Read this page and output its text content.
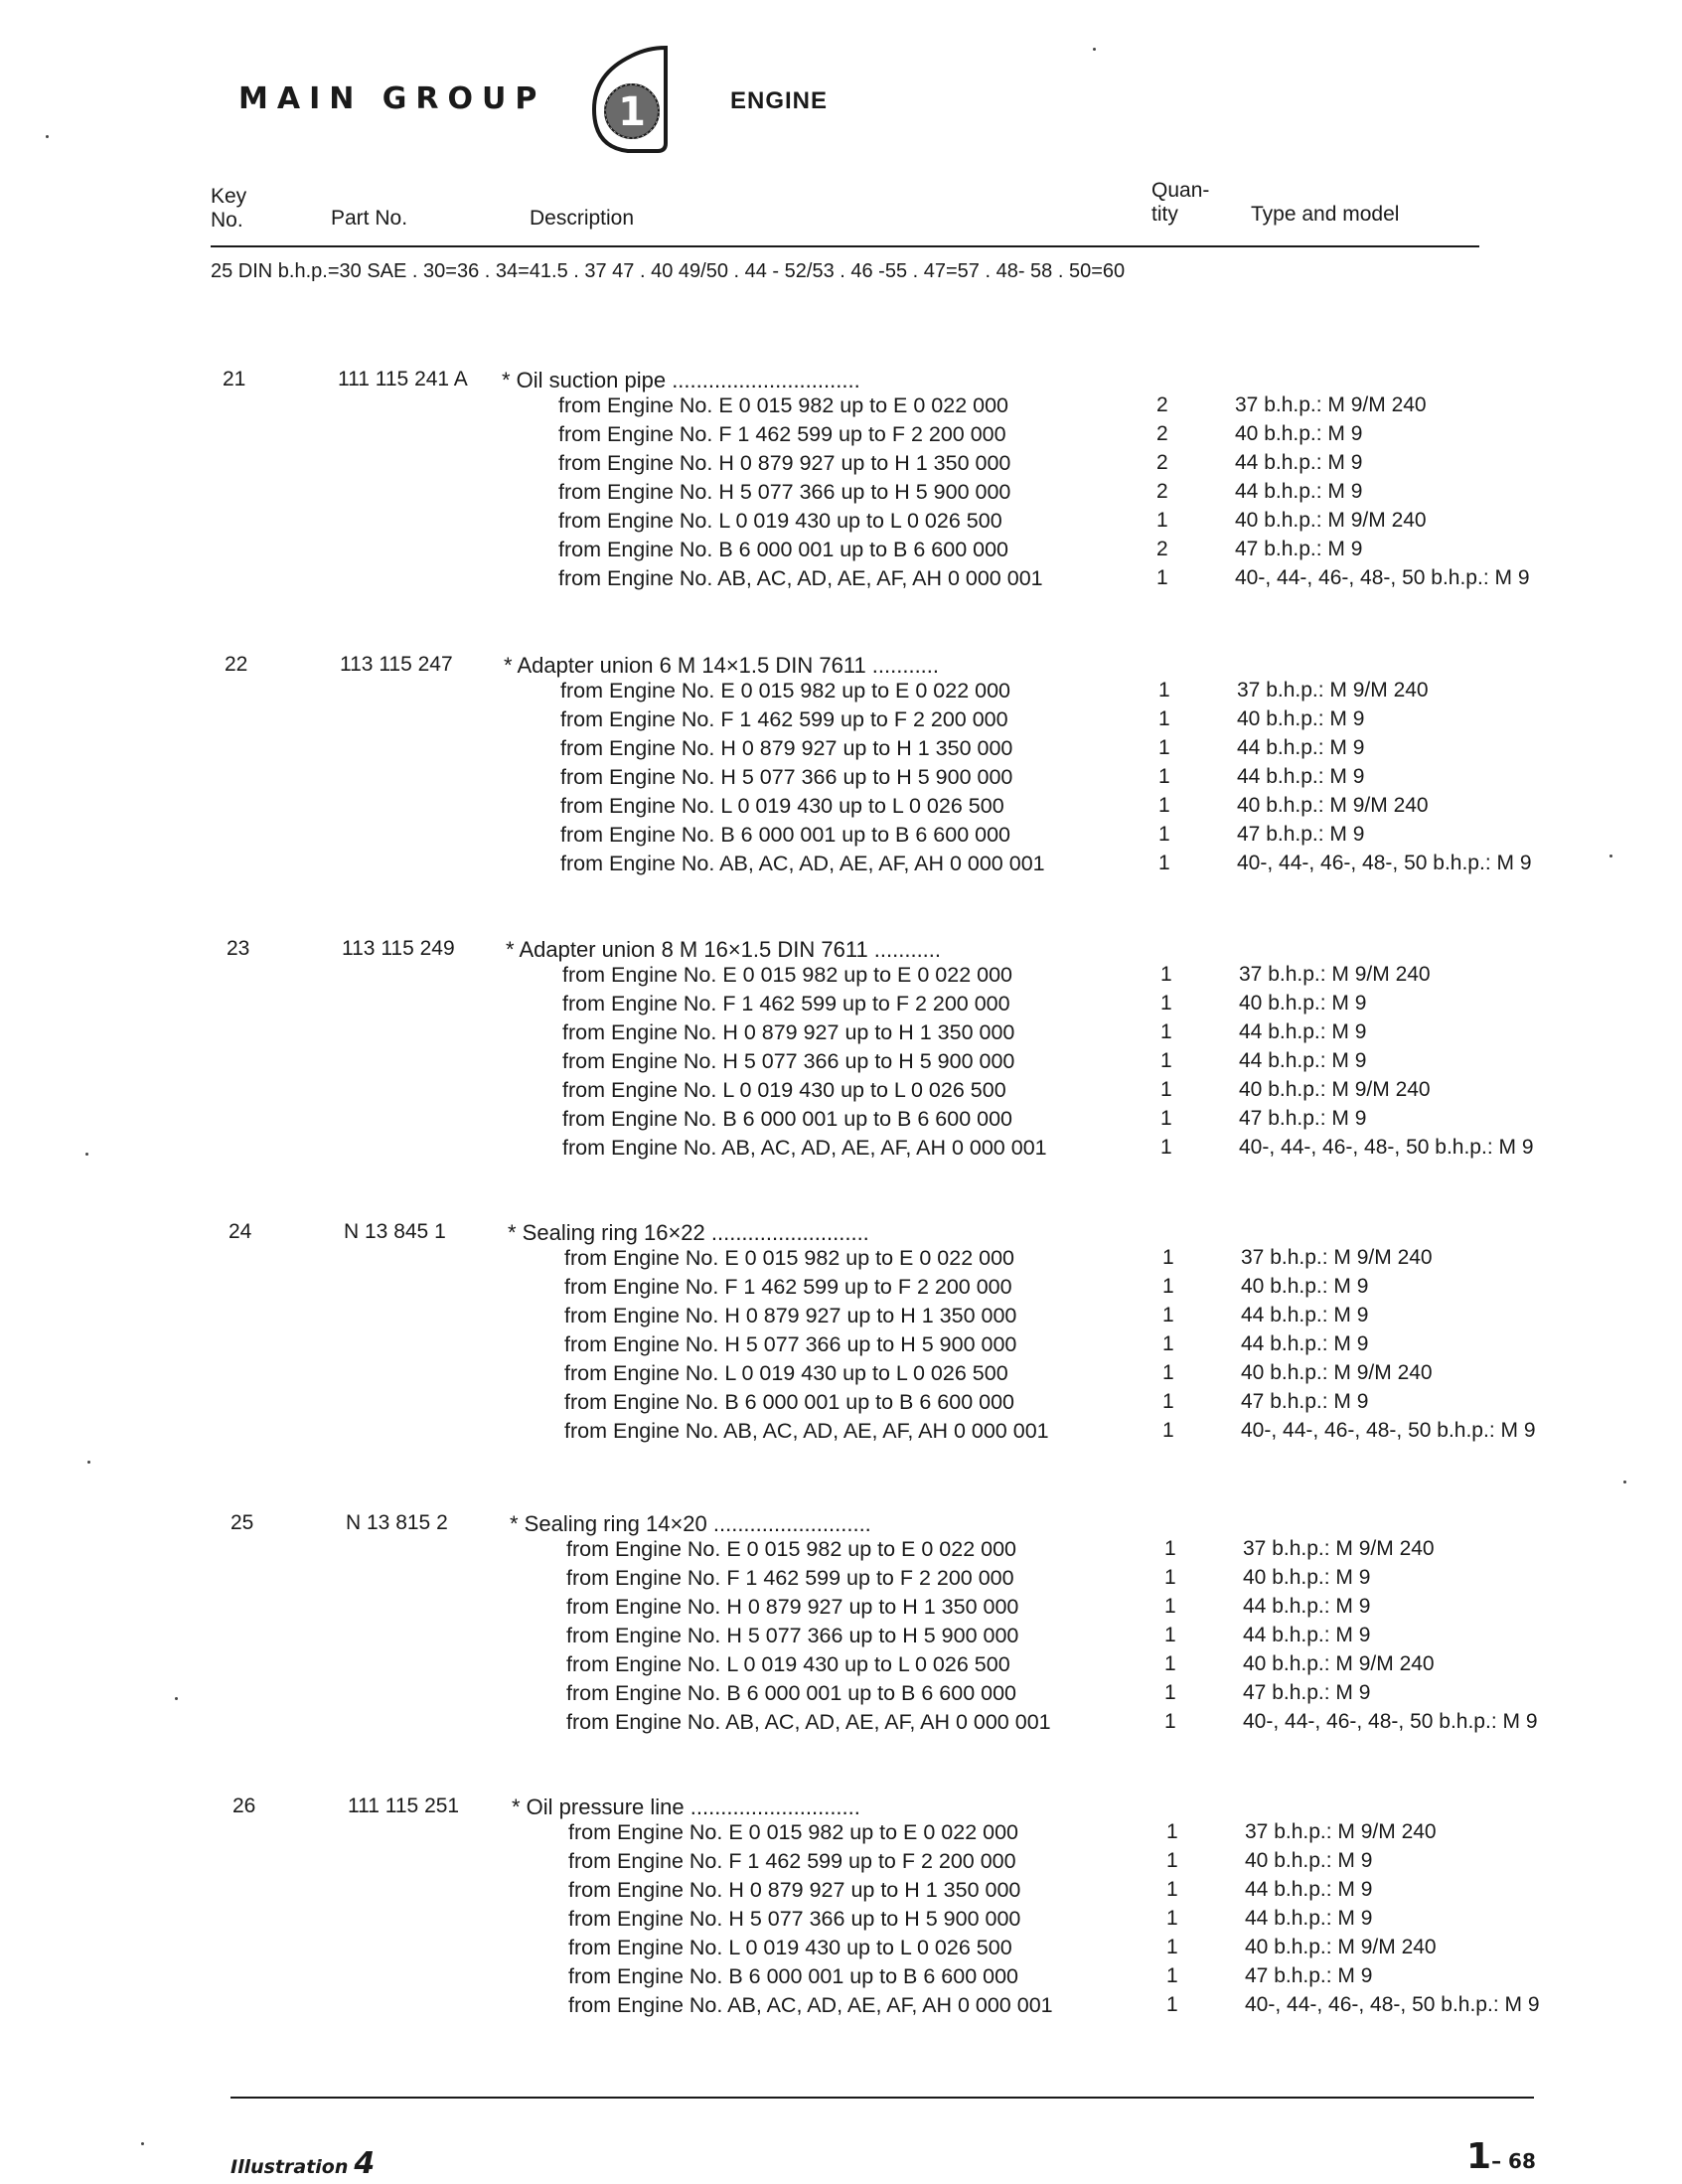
MAIN GROUP 1	ENGINE
Key No.	Part No.	Description
Quan- tity	Type and model
25 DIN b.h.p.=30 SAE . 30=36 . 34=41.5 . 37 47 . 40 49/50 . 44 - 52/53 . 46 -55 . 47=57 . 48- 58 . 50=60
21	111 115 241 A * Oil suction pipe ...............................
from Engine No. E 0 015 982 up to E 0 022 000	2	37 b.h.p.: M 9/M 240
from Engine No. F 1 462 599 up to F 2 200 000	2	40 b.h.p.: M 9
from Engine No. H 0 879 927 up to H 1 350 000	2	44 b.h.p.: M 9
from Engine No. H 5 077 366 up to H 5 900 000	2	44 b.h.p.: M 9
from Engine No. L 0 019 430 up to L 0 026 500	1	40 b.h.p.: M 9/M 240
from Engine No. B 6 000 001 up to B 6 600 000	2	47 b.h.p.: M 9
from Engine No. AB, AC, AD, AE, AF, AH 0 000 001	1	40-, 44-, 46-, 48-, 50 b.h.p.: M 9
22	113 115 247 * Adapter union 6 M 14×1.5 DIN 7611 ...........
from Engine No. E 0 015 982 up to E 0 022 000	1	37 b.h.p.: M 9/M 240
from Engine No. F 1 462 599 up to F 2 200 000	1	40 b.h.p.: M 9
from Engine No. H 0 879 927 up to H 1 350 000	1	44 b.h.p.: M 9
from Engine No. H 5 077 366 up to H 5 900 000	1	44 b.h.p.: M 9
from Engine No. L 0 019 430 up to L 0 026 500	1	40 b.h.p.: M 9/M 240
from Engine No. B 6 000 001 up to B 6 600 000	1	47 b.h.p.: M 9
from Engine No. AB, AC, AD, AE, AF, AH 0 000 001	1	40-, 44-, 46-, 48-, 50 b.h.p.: M 9
23	113 115 249 * Adapter union 8 M 16×1.5 DIN 7611 ...........
from Engine No. E 0 015 982 up to E 0 022 000	1	37 b.h.p.: M 9/M 240
from Engine No. F 1 462 599 up to F 2 200 000	1	40 b.h.p.: M 9
from Engine No. H 0 879 927 up to H 1 350 000	1	44 b.h.p.: M 9
from Engine No. H 5 077 366 up to H 5 900 000	1	44 b.h.p.: M 9
from Engine No. L 0 019 430 up to L 0 026 500	1	40 b.h.p.: M 9/M 240
from Engine No. B 6 000 001 up to B 6 600 000	1	47 b.h.p.: M 9
from Engine No. AB, AC, AD, AE, AF, AH 0 000 001	1	40-, 44-, 46-, 48-, 50 b.h.p.: M 9
24	N 13 845 1	* Sealing ring 16×22 ..........................
from Engine No. E 0 015 982 up to E 0 022 000	1	37 b.h.p.: M 9/M 240
from Engine No. F 1 462 599 up to F 2 200 000	1	40 b.h.p.: M 9
from Engine No. H 0 879 927 up to H 1 350 000	1	44 b.h.p.: M 9
from Engine No. H 5 077 366 up to H 5 900 000	1	44 b.h.p.: M 9
from Engine No. L 0 019 430 up to L 0 026 500	1	40 b.h.p.: M 9/M 240
from Engine No. B 6 000 001 up to B 6 600 000	1	47 b.h.p.: M 9
from Engine No. AB, AC, AD, AE, AF, AH 0 000 001	1	40-, 44-, 46-, 48-, 50 b.h.p.: M 9
25	N 13 815 2	* Sealing ring 14×20 ..........................
from Engine No. E 0 015 982 up to E 0 022 000	1	37 b.h.p.: M 9/M 240
from Engine No. F 1 462 599 up to F 2 200 000	1	40 b.h.p.: M 9
from Engine No. H 0 879 927 up to H 1 350 000	1	44 b.h.p.: M 9
from Engine No. H 5 077 366 up to H 5 900 000	1	44 b.h.p.: M 9
from Engine No. L 0 019 430 up to L 0 026 500	1	40 b.h.p.: M 9/M 240
from Engine No. B 6 000 001 up to B 6 600 000	1	47 b.h.p.: M 9
from Engine No. AB, AC, AD, AE, AF, AH 0 000 001	1	40-, 44-, 46-, 48-, 50 b.h.p.: M 9
26	111 115 251 * Oil pressure line ............................
from Engine No. E 0 015 982 up to E 0 022 000	1	37 b.h.p.: M 9/M 240
from Engine No. F 1 462 599 up to F 2 200 000	1	40 b.h.p.: M 9
from Engine No. H 0 879 927 up to H 1 350 000	1	44 b.h.p.: M 9
from Engine No. H 5 077 366 up to H 5 900 000	1	44 b.h.p.: M 9
from Engine No. L 0 019 430 up to L 0 026 500	1	40 b.h.p.: M 9/M 240
from Engine No. B 6 000 001 up to B 6 600 000	1	47 b.h.p.: M 9
from Engine No. AB, AC, AD, AE, AF, AH 0 000 001	1	40-, 44-, 46-, 48-, 50 b.h.p.: M 9
Illustration 4	1– 68
